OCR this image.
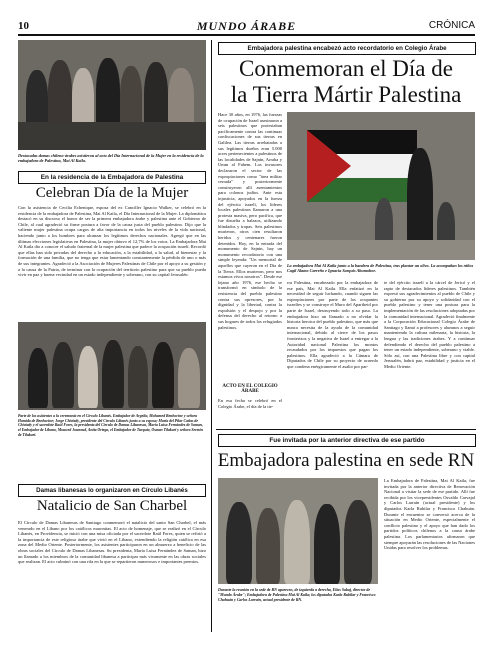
10	MUNDO ÁRABE	CRÓNICA
Destacadas damas chileno-árabes asistieron al acto del Día Internacional de la Mujer en la residencia de la embajadora de Palestina, Mai Al Kaila.
En la residencia de la Embajadora de Palestina
Celebran Día de la Mujer
Con la asistencia de Cecilia Echenique, esposa del ex Canciller Ignacio Walker, se celebró en la residencia de la embajadora de Palestina, Mai Al Kaila, el Día Internacional de la Mujer. La diplomática destacó en su discurso el honor de ser la primera embajadora árabe y palestina ante el Gobierno de Chile, al cual agradeció su firme postura a favor de la causa justa del pueblo palestino. Dijo que la valiente mujer palestina ocupa cargos de alta importancia en todos los niveles de la vida nacional, haciendo junto a los hombres para alcanzar los legítimos derechos nacionales. Agregó que en las últimas elecciones legislativas en Palestina, la mujer obtuvo el 12,7% de los votos. La Embajadora Mai Al Kaila dio a conocer el saludo fraternal de la mujer palestina que padece la ocupación israelí. Recordó que ellas han sido privadas del derecho a la educación, a la estabilidad, a la salud, al bienestar y la formación de una familia, que no tenga que estar lamentando constantemente la pérdida de uno o más de sus integrantes. Agradeció a la Asociación de Mujeres Palestinas de Chile por el apoyo a su gestión y a la causa de la Patria, de terminar con la ocupación del territorio palestino para que su pueblo pueda vivir en paz y buena vecindad en un estado independiente y soberano, con su capital Jerusalén.
Parte de los asistentes a la ceremonia en el Círculo Libanés. Embajador de Argelia, Mohamed Benhocine y señora Hamida de Benhocine; Jorge Chiviady, presidente del Círculo Libanés junto a su esposa; María del Pilar Cañas de Chiviady y el sacerdote Raúl Fores, la presidenta del Círculo de Damas Libanesas, María Luisa Fernández de Saman, el Embajador de Líbano, Mouwed Jounoud, Anita Ortega, el Embajador de Turquía, Osman Tilakuri y señora Sermin de Tilakuri.
Damas libanesas lo organizaron en Círculo Libanés
Natalicio de San Charbel
El Círculo de Damas Libanesas de Santiago conmemoró el natalicio del santo San Charbel, el más venerado en el Líbano por los católicos maronitas. El acto de homenaje, que se realizó en el Círculo Libanés, en Providencia, se inició con una misa oficiada por el sacerdote Raúl Fores, quien se refirió a la importancia de este religioso árabe que vivió en el Líbano, extendiendo la religión católica en esa zona del Medio Oriente. Posteriormente, los asistentes participaron en un almuerzo a beneficio de las obras sociales del Círculo de Damas Libanesas. Su presidenta, María Luisa Fernández de Saman, hizo un llamado a los miembros de la comunidad libanesa a participar más vivamente en las obras sociales que realizan. El acto culminó con una rifa en la que se repartieron numerosos e importantes premios.
Embajadora palestina encabezó acto recordatorio en Colegio Árabe
Conmemoran el Día de
la Tierra Mártir Palestina
Hace 30 años, en 1976, las fuerzas de ocupación de Israel asesinaron a seis palestinos que protestaban pacíficamente contra las continuas confiscaciones de sus tierras en Galilea. Las tierras arrebatadas a sus legítimos dueños eran 5.000 acres pertenecientes a palestinos de las localidades de Sajnín, Arraba y Umm al Fahem. Los invasores declararon el sector de las expropiaciones como "área militar cerrada" y posteriormente construyeron allí asentamientos para colonos judíos. Ante esta injusticia, apoyados en la fuerza del ejército israelí, los líderes locales palestinos llamaron a una protesta masiva, pero pacífica, que fue disuelta a balazos, utilizando blindados y tropas. Seis palestinos murieron, otros cien resultaron heridos y centenares fueron detenidos. Hoy, en la entrada del monumento de Sajnín, hay un monumento recordatorio con una simple leyenda: "Un memorial de aquellos que cayeron en el Día de la Tierra. Ellos murieron, pero nos estamos vivos nosotros". Desde ese lejano año 1976, ese hecho se transformó en símbolo de la resistencia del pueblo palestino contra sus opresores, por la dignidad y la libertad, contra la expulsión y el despojo y por la defensa del derecho al retorno a sus hogares de todos los refugiados palestinos.
ACTO EN EL COLEGIO ÁRABE
En esa fecha se celebró en el Colegio Árabe, el día de la tie-
La embajadora Mai Al Kaila junto a la bandera de Palestina, tras plantar un olivo. La acompañan los niños Cagil Alamo Carreño e Ignacia Sarquis Abumohor.
rra Palestina, encabezado por la embajadora de ese país, Mai Al Kaila. Ella enfatizó en la necesidad de seguir luchando, cuando siguen las expropiaciones por parte de los ocupantes israelíes y se construye el Muro del Apartheid por parte de Israel, destruyendo todo a su paso. La embajadora hizo un llamado a no olvidar la historia heroica del pueblo palestino, que más que nunca necesita de la ayuda de la comunidad internacional, debido al cierre de los pasos fronterizos y la negativa de Israel a entregar a la Autoridad nacional Palestina los montos recaudados por los impuestos que pagan los palestinos. Ella agradeció a la Cámara de Diputados de Chile por su proyecto de acuerdo que condena enérgicamente el asalto por par-
te del ejército israelí a la cárcel de Jericó y el rapto de destacados líderes palestinos. También expresó sus agradecimientos al pueblo de Chile y su gobierno por su apoyo y solidaridad con el pueblo palestino y tener una postura para la implementación de las resoluciones adoptadas por la comunidad internacional. Agradeció finalmente a la Corporación Educacional Colegio Árabe de Santiago y llamó a profesores y alumnos a seguir manteniendo la cultura milenaria, la historia, la lengua y las tradiciones árabes. Y a continuar defendiendo el derecho del pueblo palestino a tener un estado independiente, soberano y viable. Sólo así, con una Palestina libre y con capital Jerusalén, habrá paz, estabilidad y justicia en el Medio Oriente.
Fue invitada por la anterior directiva de ese partido
Embajadora palestina en sede RN
Durante la reunión en la sede de RN aparecen, de izquierda a derecha, Elías Sabaj, director de "Mundo Árabe"; Embajadora de Palestina Mai Al Kaila; los diputados Karla Rubilar y Francisco Chahuán y Carlos Larraín, actual presidente de RN.
La Embajadora de Palestina, Mai Al Kaila, fue invitada por la anterior directiva de Renovación Nacional a visitar la sede de ese partido. Allí fue recibida por los vicepresidentes Osvaldo Carvajal y Carlos Larraín (actual presidente) y los diputados Karla Rubilar y Francisco Chahuán. Durante el encuentro se conversó acerca de la situación en Medio Oriente, especialmente el conflicto palestino y el apoyo que han dado los partidos políticos chilenos a la causa árabe palestina. Los parlamentarios afirmaron que siempre apoyarán las resoluciones de las Naciones Unidas para resolver los problemas.
